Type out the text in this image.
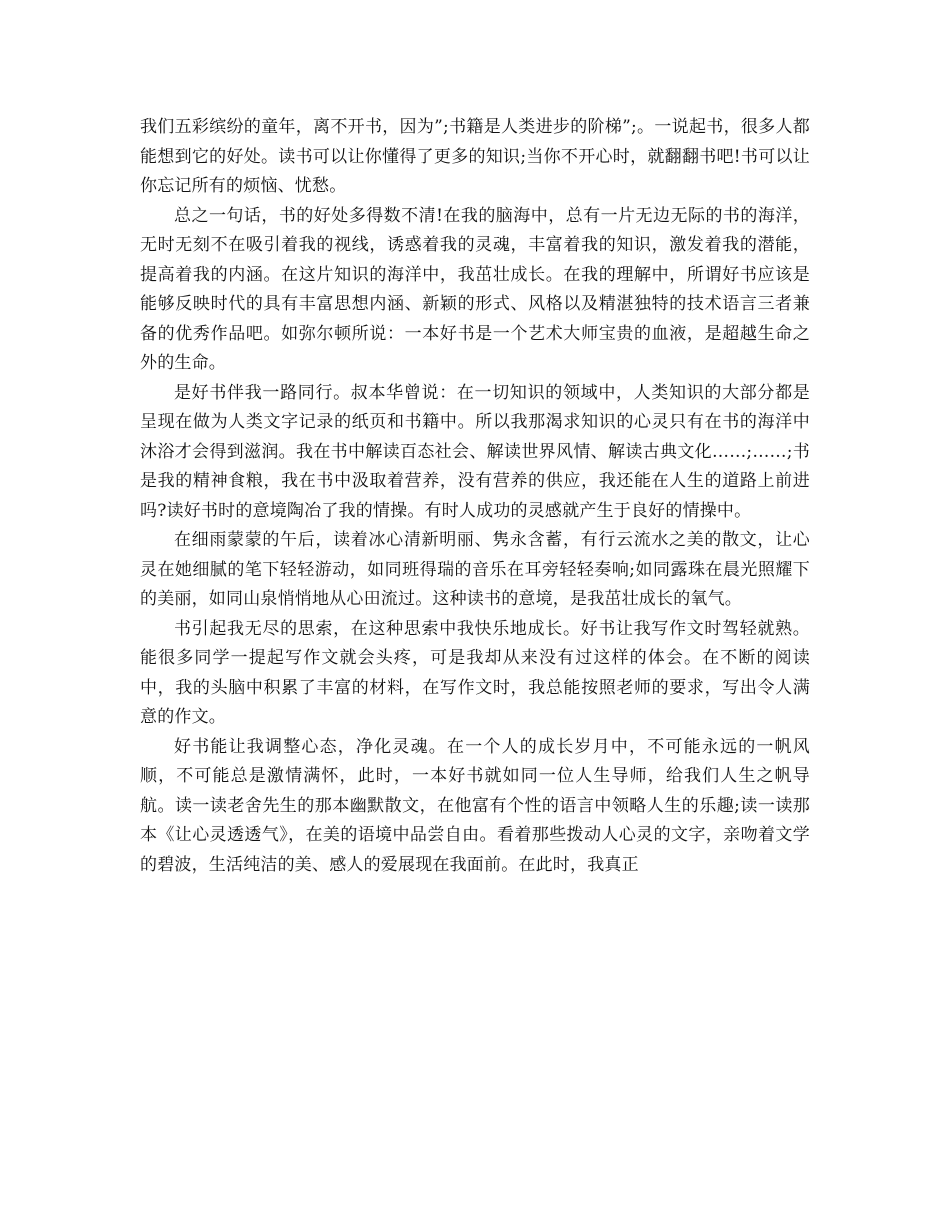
我们五彩缤纷的童年，离不开书，因为”;书籍是人类进步的阶梯”;。一说起书，很多人都能想到它的好处。读书可以让你懂得了更多的知识;当你不开心时，就翻翻书吧!书可以让你忘记所有的烦恼、忧愁。

总之一句话，书的好处多得数不清!在我的脑海中，总有一片无边无际的书的海洋，无时无刻不在吸引着我的视线，诱惑着我的灵魂，丰富着我的知识，激发着我的潜能，提高着我的内涵。在这片知识的海洋中，我茁壮成长。在我的理解中，所谓好书应该是能够反映时代的具有丰富思想内涵、新颖的形式、风格以及精湛独特的技术语言三者兼备的优秀作品吧。如弥尔顿所说：一本好书是一个艺术大师宝贵的血液，是超越生命之外的生命。

是好书伴我一路同行。叔本华曾说：在一切知识的领域中，人类知识的大部分都是呈现在做为人类文字记录的纸页和书籍中。所以我那渴求知识的心灵只有在书的海洋中沐浴才会得到滋润。我在书中解读百态社会、解读世界风情、解读古典文化……;……;书是我的精神食粮，我在书中汲取着营养，没有营养的供应，我还能在人生的道路上前进吗?读好书时的意境陶冶了我的情操。有时人成功的灵感就产生于良好的情操中。

在细雨蒙蒙的午后，读着冰心清新明丽、隽永含蓄，有行云流水之美的散文，让心灵在她细腻的笔下轻轻游动，如同班得瑞的音乐在耳旁轻轻奏响;如同露珠在晨光照耀下的美丽，如同山泉悄悄地从心田流过。这种读书的意境，是我茁壮成长的氧气。

书引起我无尽的思索，在这种思索中我快乐地成长。好书让我写作文时驾轻就熟。能很多同学一提起写作文就会头疼，可是我却从来没有过这样的体会。在不断的阅读中，我的头脑中积累了丰富的材料，在写作文时，我总能按照老师的要求，写出令人满意的作文。

好书能让我调整心态，净化灵魂。在一个人的成长岁月中，不可能永远的一帆风顺，不可能总是激情满怀，此时，一本好书就如同一位人生导师，给我们人生之帆导航。读一读老舍先生的那本幽默散文，在他富有个性的语言中领略人生的乐趣;读一读那本《让心灵透透气》，在美的语境中品尝自由。看着那些拨动人心灵的文字，亲吻着文学的碧波，生活纯洁的美、感人的爱展现在我面前。在此时，我真正
